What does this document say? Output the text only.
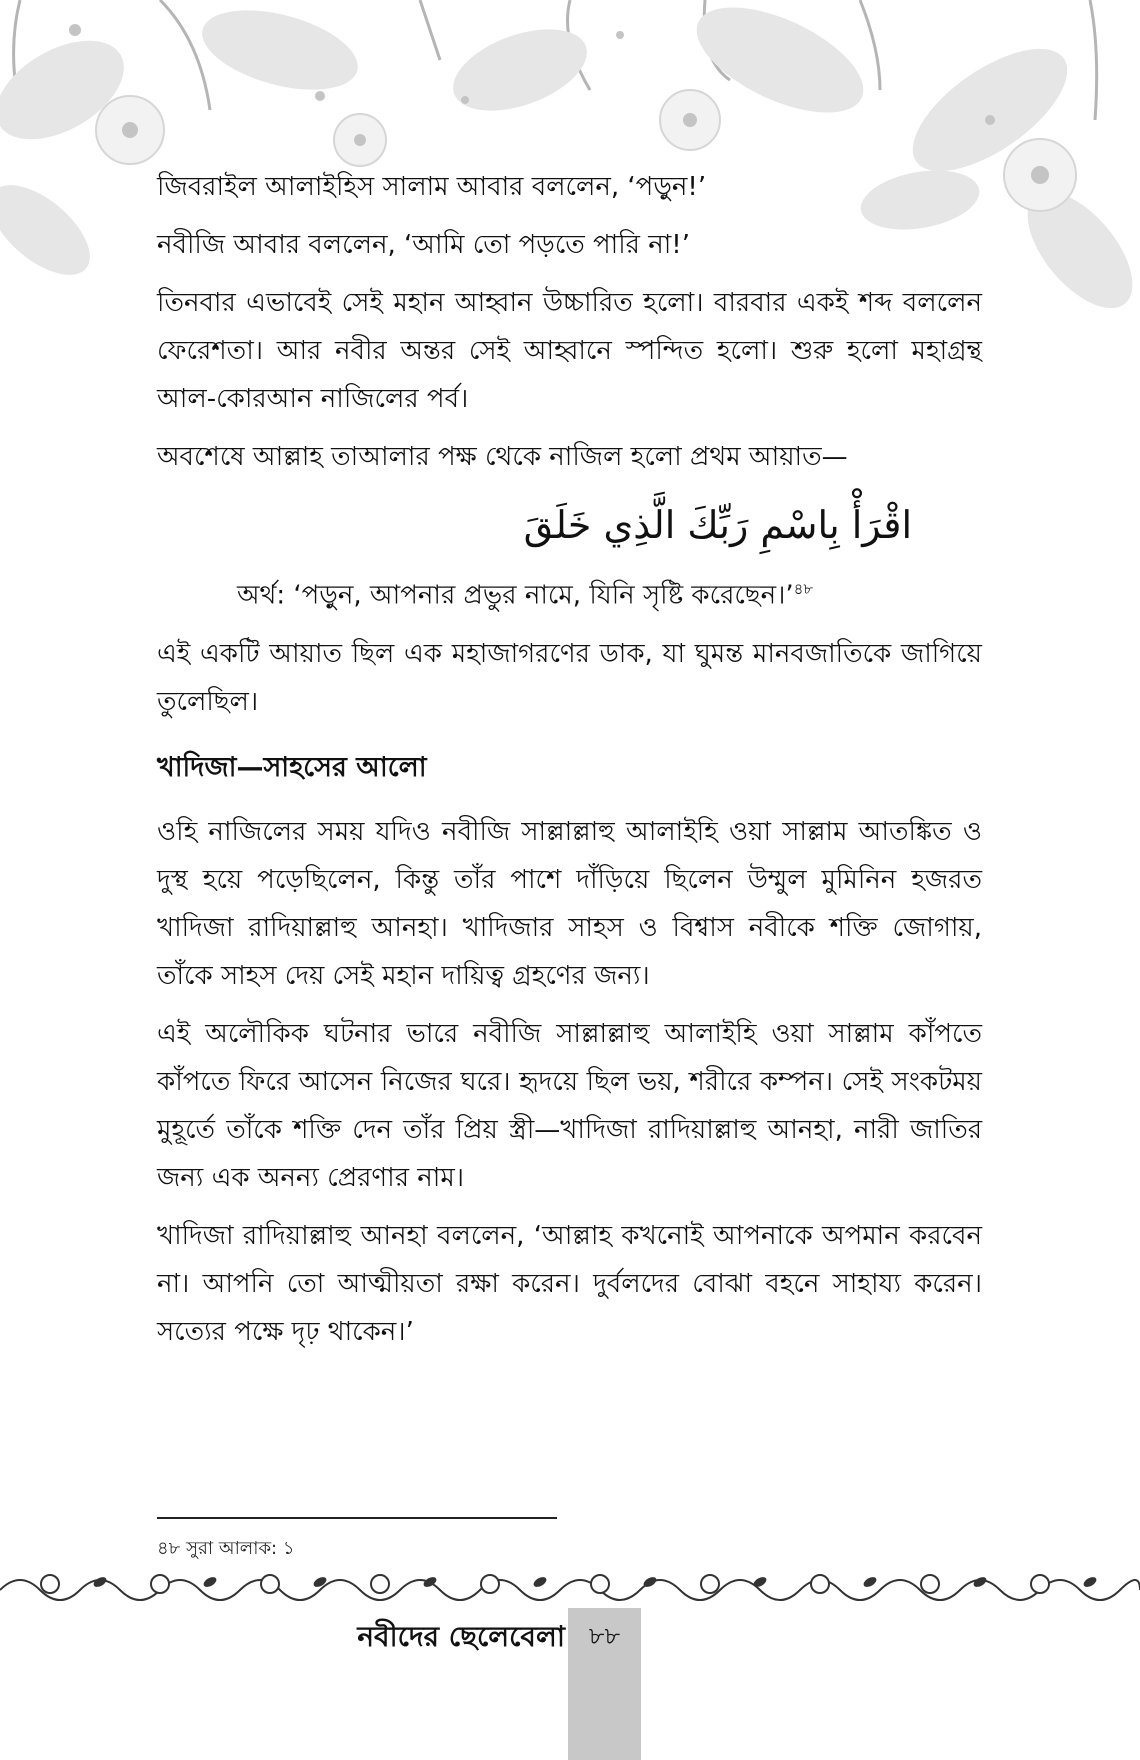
জিবরাইল আলাইহিস সালাম আবার বললেন, ‘পড়ুন!’

নবীজি আবার বললেন, ‘আমি তো পড়তে পারি না!’

তিনবার এভাবেই সেই মহান আহ্বান উচ্চারিত হলো। বারবার একই শব্দ বললেন ফেরেশতা। আর নবীর অন্তর সেই আহ্বানে স্পন্দিত হলো। শুরু হলো মহাগ্রন্থ আল-কোরআন নাজিলের পর্ব।

অবশেষে আল্লাহ তাআলার পক্ষ থেকে নাজিল হলো প্রথম আয়াত—

اقْرَأْ بِاسْمِ رَبِّكَ الَّذِي خَلَقَ

অর্থ: ‘পড়ুন, আপনার প্রভুর নামে, যিনি সৃষ্টি করেছেন।’$^{৪৮}$

এই একটি আয়াত ছিল এক মহাজাগরণের ডাক, যা ঘুমন্ত মানবজাতিকে জাগিয়ে তুলেছিল।

খাদিজা—সাহসের আলো

ওহি নাজিলের সময় যদিও নবীজি সাল্লাল্লাহু আলাইহি ওয়া সাল্লাম আতঙ্কিত ও দুস্থ হয়ে পড়েছিলেন, কিন্তু তাঁর পাশে দাঁড়িয়ে ছিলেন উম্মুল মুমিনিন হজরত খাদিজা রাদিয়াল্লাহু আনহা। খাদিজার সাহস ও বিশ্বাস নবীকে শক্তি জোগায়, তাঁকে সাহস দেয় সেই মহান দায়িত্ব গ্রহণের জন্য।

এই অলৌকিক ঘটনার ভারে নবীজি সাল্লাল্লাহু আলাইহি ওয়া সাল্লাম কাঁপতে কাঁপতে ফিরে আসেন নিজের ঘরে। হৃদয়ে ছিল ভয়, শরীরে কম্পন। সেই সংকটময় মুহূর্তে তাঁকে শক্তি দেন তাঁর প্রিয় স্ত্রী—খাদিজা রাদিয়াল্লাহু আনহা, নারী জাতির জন্য এক অনন্য প্রেরণার নাম।

খাদিজা রাদিয়াল্লাহু আনহা বললেন, ‘আল্লাহ কখনোই আপনাকে অপমান করবেন না। আপনি তো আত্মীয়তা রক্ষা করেন। দুর্বলদের বোঝা বহনে সাহায্য করেন। সত্যের পক্ষে দৃঢ় থাকেন।’

৪৮ সুরা আলাক: ১
নবীদের ছেলেবেলা ৮৮
